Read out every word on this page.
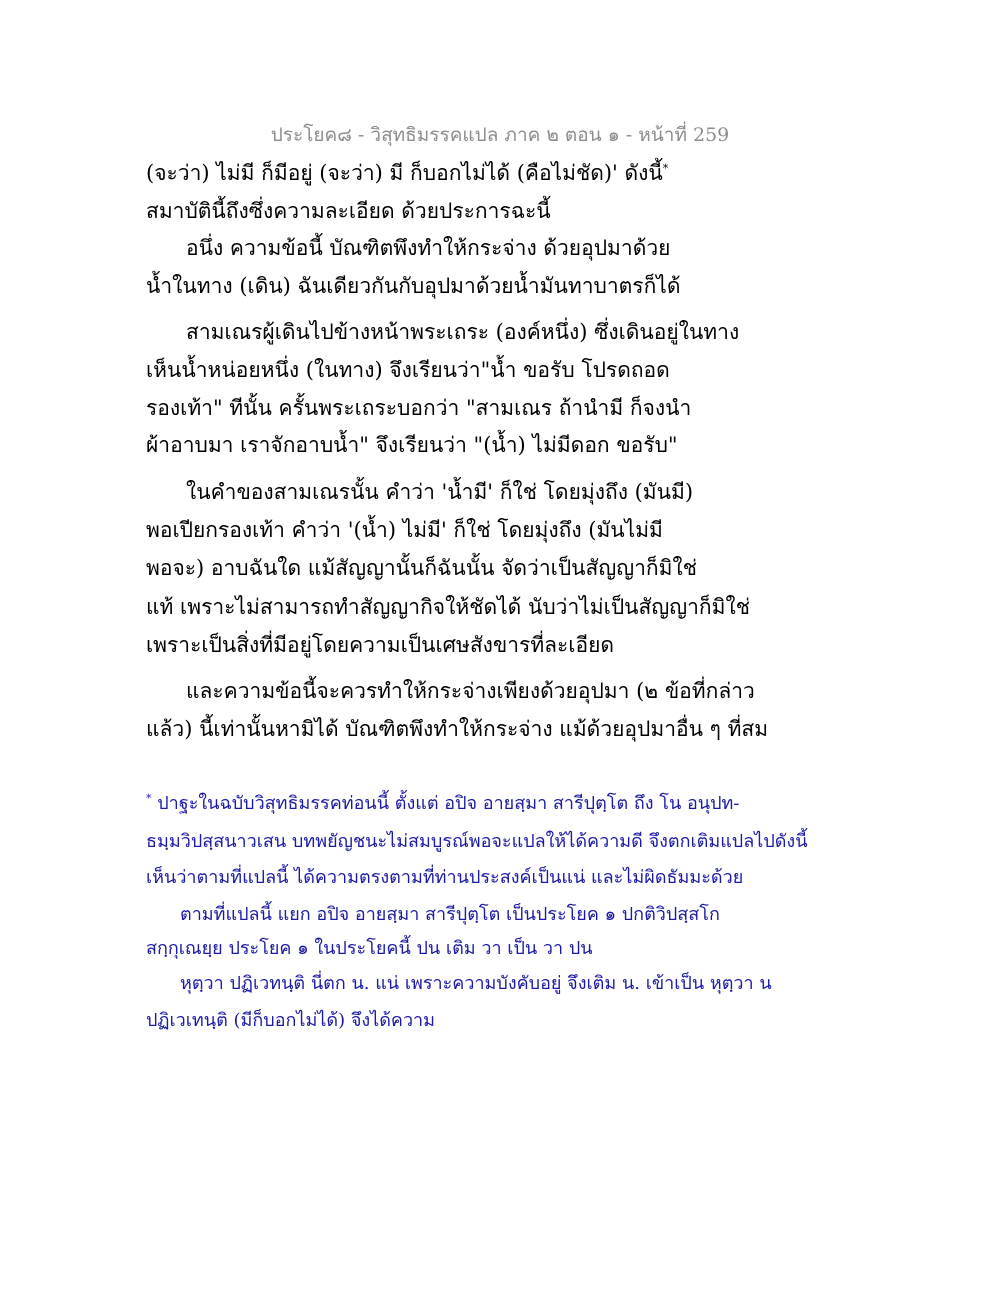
ประโยค๘ - วิสุทธิมรรคแปล ภาค ๒ ตอน ๑ - หน้าที่ 259
(จะว่า) ไม่มี ก็มีอยู่ (จะว่า) มี ก็บอกไม่ได้ (คือไม่ชัด)' ดังนี้*
สมาบัตินี้ถึงซึ่งความละเอียด ด้วยประการฉะนี้
อนึ่ง ความข้อนี้ บัณฑิตพึงทำให้กระจ่าง ด้วยอุปมาด้วย
น้ำในทาง (เดิน) ฉันเดียวกันกับอุปมาด้วยน้ำมันทาบาตรก็ได้
สามเณรผู้เดินไปข้างหน้าพระเถระ (องค์หนึ่ง) ซึ่งเดินอยู่ในทาง
เห็นน้ำหน่อยหนึ่ง (ในทาง) จึงเรียนว่า"น้ำ ขอรับ โปรดถอด
รองเท้า" ทีนั้น ครั้นพระเถระบอกว่า "สามเณร ถ้านำมี ก็จงนำ
ผ้าอาบมา เราจักอาบน้ำ" จึงเรียนว่า "(น้ำ) ไม่มีดอก ขอรับ"
ในคำของสามเณรนั้น คำว่า 'น้ำมี' ก็ใช่ โดยมุ่งถึง (มันมี)
พอเปียกรองเท้า คำว่า '(น้ำ) ไม่มี' ก็ใช่ โดยมุ่งถึง (มันไม่มี
พอจะ) อาบฉันใด แม้สัญญานั้นก็ฉันนั้น จัดว่าเป็นสัญญาก็มิใช่
แท้ เพราะไม่สามารถทำสัญญากิจให้ชัดได้ นับว่าไม่เป็นสัญญาก็มิใช่
เพราะเป็นสิ่งที่มีอยู่โดยความเป็นเศษสังขารที่ละเอียด
และความข้อนี้จะควรทำให้กระจ่างเพียงด้วยอุปมา (๒ ข้อที่กล่าว
แล้ว) นี้เท่านั้นหามิได้ บัณฑิตพึงทำให้กระจ่าง แม้ด้วยอุปมาอื่น ๆ ที่สม
* ปาฐะในฉบับวิสุทธิมรรคท่อนนี้ ตั้งแต่ อปิจ อายสฺมา สารีปุตฺโต ถึง โน อนุปท-
ธมฺมวิปสฺสนาวเสน บทพยัญชนะไม่สมบูรณ์พอจะแปลให้ได้ความดี จึงตกเติมแปลไปดังนี้
เห็นว่าตามที่แปลนี้ ได้ความตรงตามที่ท่านประสงค์เป็นแน่ และไม่ผิดธัมมะด้วย
ตามที่แปลนี้ แยก อปิจ อายสฺมา สารีปุตฺโต เป็นประโยค ๑ ปกติวิปสฺสโก
สกฺกุเณยฺย ประโยค ๑ ในประโยคนี้ ปน เติม วา เป็น วา ปน
หุตฺวา ปฏิเวทนฺติ นี่ตก น. แน่ เพราะความบังคับอยู่ จึงเติม น. เข้าเป็น หุตฺวา น
ปฏิเวเทนฺติ (มีก็บอกไม่ได้) จึงได้ความ
